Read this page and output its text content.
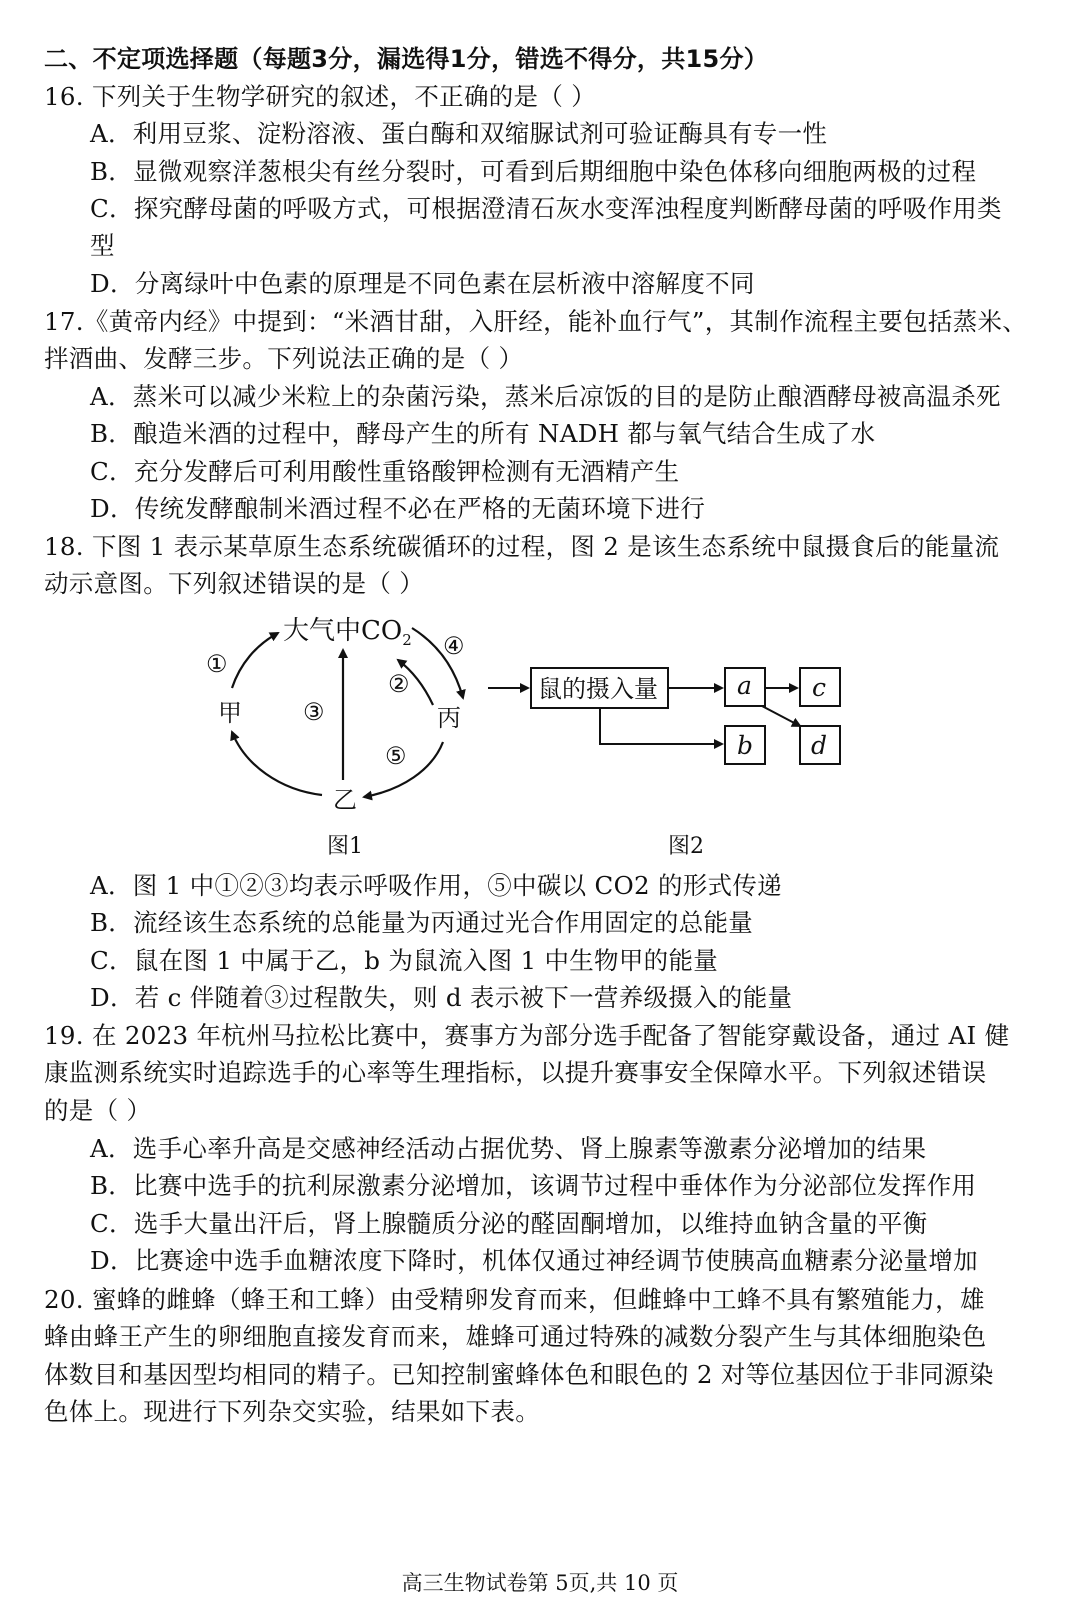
二、不定项选择题（每题3分，漏选得1分，错选不得分，共15分）
16. 下列关于生物学研究的叙述，不正确的是（ ）
A．利用豆浆、淀粉溶液、蛋白酶和双缩脲试剂可验证酶具有专一性
B．显微观察洋葱根尖有丝分裂时，可看到后期细胞中染色体移向细胞两极的过程
C．探究酵母菌的呼吸方式，可根据澄清石灰水变浑浊程度判断酵母菌的呼吸作用类
型
D．分离绿叶中色素的原理是不同色素在层析液中溶解度不同
17.《黄帝内经》中提到：“米酒甘甜，入肝经，能补血行气”，其制作流程主要包括蒸米、
拌酒曲、发酵三步。下列说法正确的是（ ）
A．蒸米可以减少米粒上的杂菌污染，蒸米后凉饭的目的是防止酿酒酵母被高温杀死
B．酿造米酒的过程中，酵母产生的所有 NADH 都与氧气结合生成了水
C．充分发酵后可利用酸性重铬酸钾检测有无酒精产生
D．传统发酵酿制米酒过程不必在严格的无菌环境下进行
18. 下图 1 表示某草原生态系统碳循环的过程，图 2 是该生态系统中鼠摄食后的能量流
动示意图。下列叙述错误的是（ ）
大气中$CO_2$
甲	丙
乙
①
②
③
④
⑤
图1
鼠的摄入量	a c
b d
图2
A．图 1 中①②③均表示呼吸作用，⑤中碳以 CO2 的形式传递
B．流经该生态系统的总能量为丙通过光合作用固定的总能量
C．鼠在图 1 中属于乙，b 为鼠流入图 1 中生物甲的能量
D．若 c 伴随着③过程散失，则 d 表示被下一营养级摄入的能量
19. 在 2023 年杭州马拉松比赛中，赛事方为部分选手配备了智能穿戴设备，通过 AI 健
康监测系统实时追踪选手的心率等生理指标，以提升赛事安全保障水平。下列叙述错误
的是（ ）
A．选手心率升高是交感神经活动占据优势、肾上腺素等激素分泌增加的结果
B．比赛中选手的抗利尿激素分泌增加，该调节过程中垂体作为分泌部位发挥作用
C．选手大量出汗后，肾上腺髓质分泌的醛固酮增加，以维持血钠含量的平衡
D．比赛途中选手血糖浓度下降时，机体仅通过神经调节使胰高血糖素分泌量增加
20. 蜜蜂的雌蜂（蜂王和工蜂）由受精卵发育而来，但雌蜂中工蜂不具有繁殖能力，雄
蜂由蜂王产生的卵细胞直接发育而来，雄蜂可通过特殊的减数分裂产生与其体细胞染色
体数目和基因型均相同的精子。已知控制蜜蜂体色和眼色的 2 对等位基因位于非同源染
色体上。现进行下列杂交实验，结果如下表。
高三生物试卷第 5页,共 10 页
